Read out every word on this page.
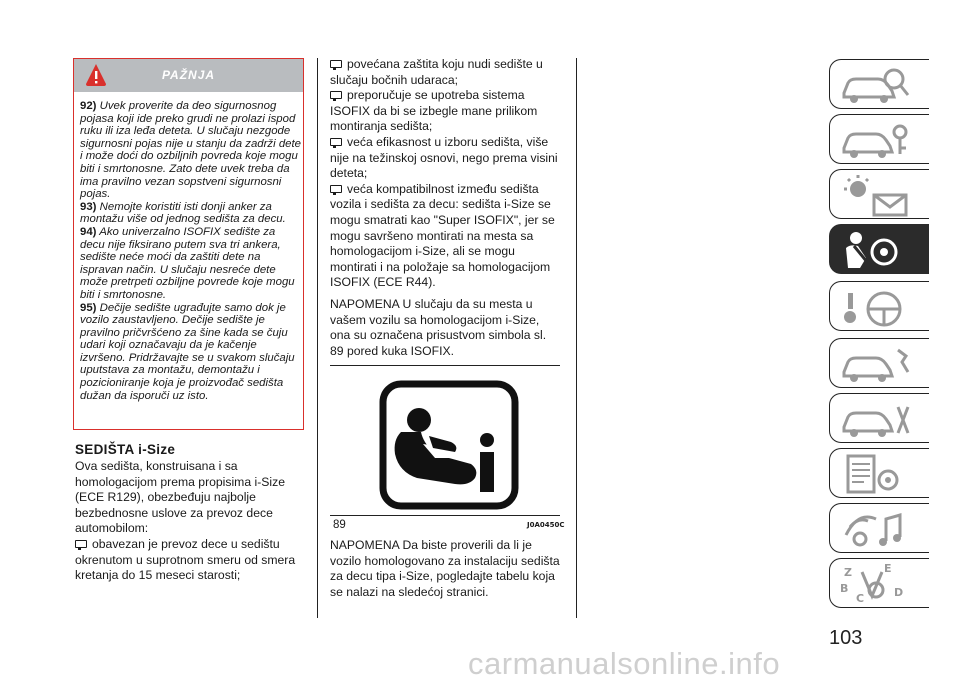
PAŽNJA

92) Uvek proverite da deo sigurnosnog pojasa koji ide preko grudi ne prolazi ispod ruku ili iza leđa deteta. U slučaju nezgode sigurnosni pojas nije u stanju da zadrži dete i može doći do ozbiljnih povreda koje mogu biti i smrtonosne. Zato dete uvek treba da ima pravilno vezan sopstveni sigurnosni pojas.

93) Nemojte koristiti isti donji anker za montažu više od jednog sedišta za decu.

94) Ako univerzalno ISOFIX sedište za decu nije fiksirano putem sva tri ankera, sedište neće moći da zaštiti dete na ispravan način. U slučaju nesreće dete može pretrpeti ozbiljne povrede koje mogu biti i smrtonosne.

95) Dečije sedište ugrađujte samo dok je vozilo zaustavljeno. Dečije sedište je pravilno pričvršćeno za šine kada se čuju udari koji označavaju da je kačenje izvršeno. Pridržavajte se u svakom slučaju uputstava za montažu, demontažu i pozicioniranje koja je proizvođač sedišta dužan da isporuči uz isto.

SEDIŠTA i-Size

Ova sedišta, konstruisana i sa homologacijom prema propisima i-Size (ECE R129), obezbeđuju najbolje bezbednosne uslove za prevoz dece automobilom:

obavezan je prevoz dece u sedištu okrenutom u suprotnom smeru od smera kretanja do 15 meseci starosti;

povećana zaštita koju nudi sedište u slučaju bočnih udaraca;

preporučuje se upotreba sistema ISOFIX da bi se izbegle mane prilikom montiranja sedišta;

veća efikasnost u izboru sedišta, više nije na težinskoj osnovi, nego prema visini deteta;

veća kompatibilnost između sedišta vozila i sedišta za decu: sedišta i-Size se mogu smatrati kao "Super ISOFIX", jer se mogu savršeno montirati na mesta sa homologacijom i-Size, ali se mogu montirati i na položaje sa homologacijom ISOFIX (ECE R44).

NAPOMENA U slučaju da su mesta u vašem vozilu sa homologacijom i-Size, ona su označena prisustvom simbola sl. 89 pored kuka ISOFIX.

89	J0A0450C
NAPOMENA Da biste proverili da li je vozilo homologovano za instalaciju sedišta za decu tipa i-Size, pogledajte tabelu koja se nalazi na sledećoj stranici.
Z	E
B
C	D
103
carmanualsonline.info
